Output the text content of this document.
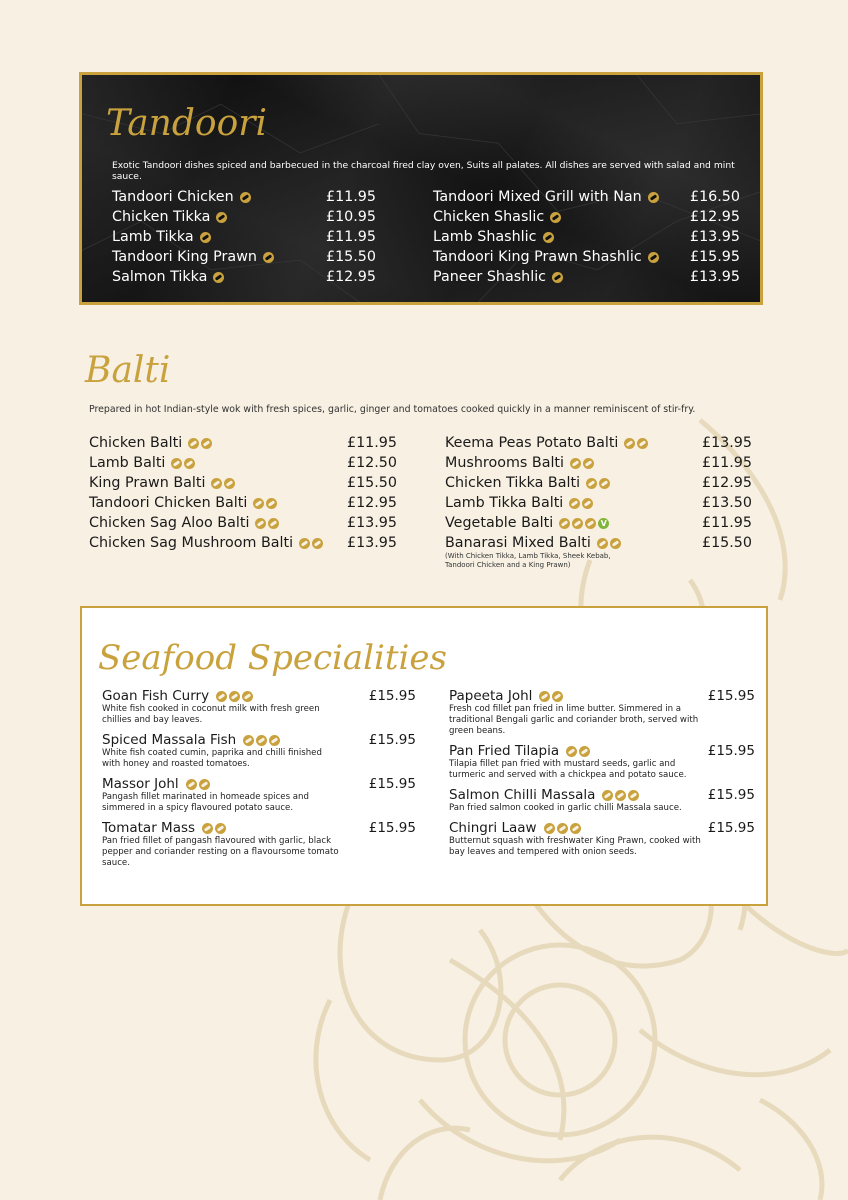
Tandoori

Exotic Tandoori dishes spiced and barbecued in the charcoal fired clay oven, Suits all palates. All dishes are served with salad and mint sauce.

Tandoori Chicken	£11.95
Chicken Tikka	£10.95
Lamb Tikka	£11.95
Tandoori King Prawn	£15.50
Salmon Tikka	£12.95
Tandoori Mixed Grill with Nan	£16.50
Chicken Shaslic	£12.95
Lamb Shashlic	£13.95
Tandoori King Prawn Shashlic	£15.95
Paneer Shashlic	£13.95
Balti

Prepared in hot Indian-style wok with fresh spices, garlic, ginger and tomatoes cooked quickly in a manner reminiscent of stir-fry.

Chicken Balti	£11.95
Lamb Balti	£12.50
King Prawn Balti	£15.50
Tandoori Chicken Balti	£12.95
Chicken Sag Aloo Balti	£13.95
Chicken Sag Mushroom Balti	£13.95
Keema Peas Potato Balti	£13.95
Mushrooms Balti	£11.95
Chicken Tikka Balti	£12.95
Lamb Tikka Balti	£13.50
Vegetable Balti	V	£11.95
Banarasi Mixed Balti	£15.50
(With Chicken Tikka, Lamb Tikka, Sheek Kebab, Tandoori Chicken and a King Prawn)
Seafood Specialities
Goan Fish Curry	£15.95
White fish cooked in coconut milk with fresh green chillies and bay leaves.
Spiced Massala Fish	£15.95
White fish coated cumin, paprika and chilli finished with honey and roasted tomatoes.
Massor Johl	£15.95
Pangash fillet marinated in homeade spices and simmered in a spicy flavoured potato sauce.
Tomatar Mass	£15.95
Pan fried fillet of pangash flavoured with garlic, black pepper and coriander resting on a flavoursome tomato sauce.
Papeeta Johl	£15.95
Fresh cod fillet pan fried in lime butter. Simmered in a traditional Bengali garlic and coriander broth, served with green beans.
Pan Fried Tilapia	£15.95
Tilapia fillet pan fried with mustard seeds, garlic and turmeric and served with a chickpea and potato sauce.
Salmon Chilli Massala	£15.95
Pan fried salmon cooked in garlic chilli Massala sauce.
Chingri Laaw	£15.95
Butternut squash with freshwater King Prawn, cooked with bay leaves and tempered with onion seeds.
